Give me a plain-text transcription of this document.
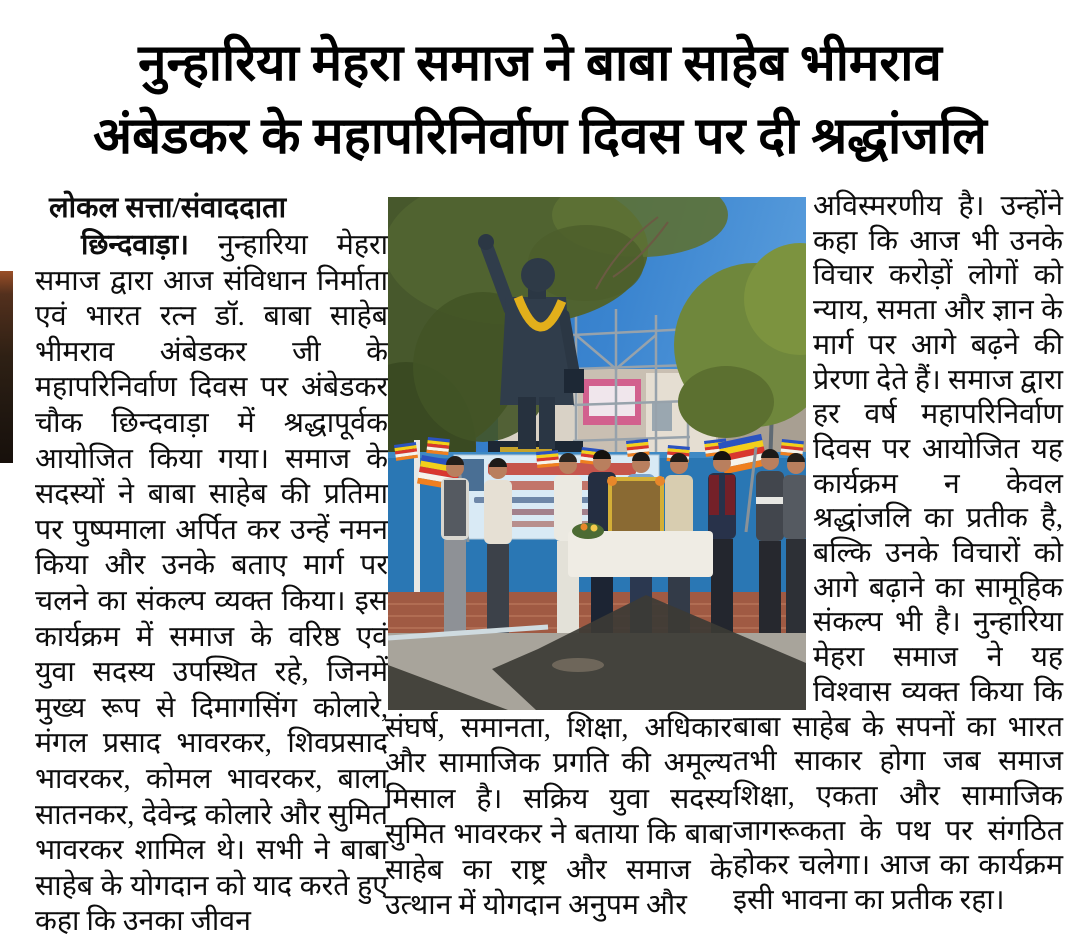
नुन्हारिया मेहरा समाज ने बाबा साहेब भीमराव
अंबेडकर के महापरिनिर्वाण दिवस पर दी श्रद्धांजलि

लोकल सत्ता/संवाददाता

छिन्दवाड़ा। नुन्हारिया मेहरा समाज द्वारा आज संविधान निर्माता एवं भारत रत्न डॉ. बाबा साहेब भीमराव अंबेडकर जी के महापरिनिर्वाण दिवस पर अंबेडकर चौक छिन्दवाड़ा में श्रद्धापूर्वक आयोजित किया गया। समाज के सदस्यों ने बाबा साहेब की प्रतिमा पर पुष्पमाला अर्पित कर उन्हें नमन किया और उनके बताए मार्ग पर चलने का संकल्प व्यक्त किया। इस कार्यक्रम में समाज के वरिष्ठ एवं युवा सदस्य उपस्थित रहे, जिनमें मुख्य रूप से दिमागसिंग कोलारे, मंगल प्रसाद भावरकर, शिवप्रसाद भावरकर, कोमल भावरकर, बाला सातनकर, देवेन्द्र कोलारे और सुमित भावरकर शामिल थे। सभी ने बाबा साहेब के योगदान को याद करते हुए कहा कि उनका जीवन

अविस्मरणीय है। उन्होंने कहा कि आज भी उनके विचार करोड़ों लोगों को न्याय, समता और ज्ञान के मार्ग पर आगे बढ़ने की प्रेरणा देते हैं। समाज द्वारा हर वर्ष महापरिनिर्वाण दिवस पर आयोजित यह कार्यक्रम न केवल श्रद्धांजलि का प्रतीक है, बल्कि उनके विचारों को आगे बढ़ाने का सामूहिक संकल्प भी है। नुन्हारिया मेहरा समाज ने यह विश्वास व्यक्त किया कि बाबा साहेब के सपनों का भारत तभी साकार होगा जब समाज शिक्षा, एकता और सामाजिक जागरूकता के पथ पर संगठित होकर चलेगा। आज का कार्यक्रम इसी भावना का प्रतीक रहा।

संघर्ष, समानता, शिक्षा, अधिकार और सामाजिक प्रगति की अमूल्य मिसाल है। सक्रिय युवा सदस्य सुमित भावरकर ने बताया कि बाबा साहेब का राष्ट्र और समाज के उत्थान में योगदान अनुपम और
